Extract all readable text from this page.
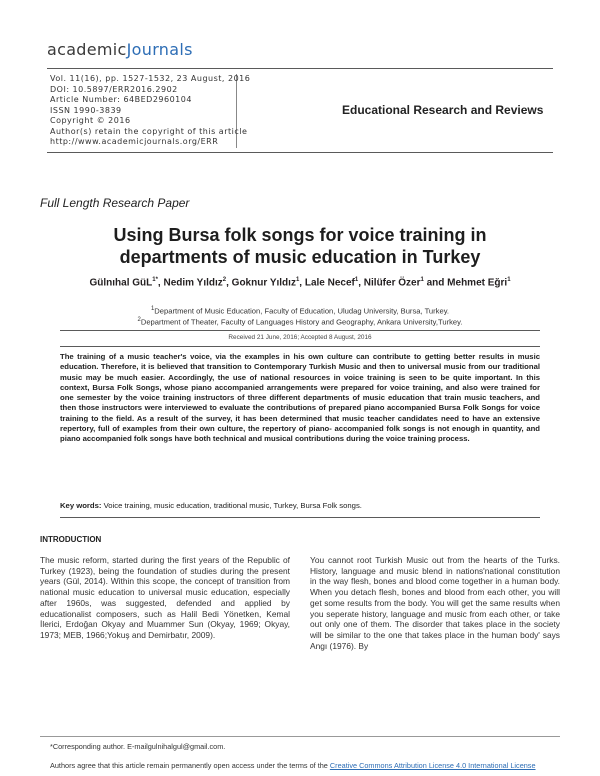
academicJournals
Vol. 11(16), pp. 1527-1532, 23 August, 2016
DOI: 10.5897/ERR2016.2902
Article Number: 64BED2960104
ISSN 1990-3839
Copyright © 2016
Author(s) retain the copyright of this article
http://www.academicjournals.org/ERR
Educational Research and Reviews
Full Length Research Paper
Using Bursa folk songs for voice training in
departments of music education in Turkey
Gülnıhal GüL$^{1*}$, Nedim Yıldız$^2$, Goknur Yıldız$^1$, Lale Necef$^1$, Nilüfer Özer$^1$ and Mehmet Eğri$^1$
$^1$Department of Music Education, Faculty of Education, Uludag University, Bursa, Turkey.
$^2$Department of Theater, Faculty of Languages History and Geography, Ankara University,Turkey.
Received 21 June, 2016; Accepted 8 August, 2016
The training of a music teacher's voice, via the examples in his own culture can contribute to getting better results in music education. Therefore, it is believed that transition to Contemporary Turkish Music and then to universal music from our traditional music may be much easier. Accordingly, the use of national resources in voice training is seen to be quite important. In this context, Bursa Folk Songs, whose piano accompanied arrangements were prepared for voice training, and also were trained for one semester by the voice training instructors of three different departments of music education that train music teachers, and then those instructors were interviewed to evaluate the contributions of prepared piano accompanied Bursa Folk Songs for voice training to the field. As a result of the survey, it has been determined that music teacher candidates need to have an extensive repertory, full of examples from their own culture, the repertory of piano- accompanied folk songs is not enough in quantity, and piano accompanied folk songs have both technical and musical contributions during the voice training process.
Key words: Voice training, music education, traditional music, Turkey, Bursa Folk songs.
INTRODUCTION
The music reform, started during the first years of the Republic of Turkey (1923), being the foundation of studies during the present years (Gül, 2014). Within this scope, the concept of transition from national music education to universal music education, especially after 1960s, was suggested, defended and applied by educationalist composers, such as Halil Bedi Yönetken, Kemal İlerici, Erdoğan Okyay and Muammer Sun (Okyay, 1969; Okyay, 1973; MEB, 1966;Yokuş and Demirbatır, 2009).
You cannot root Turkish Music out from the hearts of the Turks. History, language and music blend in nations'national constitution in the way flesh, bones and blood come together in a human body. When you detach flesh, bones and blood from each other, you will get some results from the body. You will get the same results when you seperate history, language and music from each other, or take out only one of them. The disorder that takes place in the society will be similar to the one that takes place in the human body' says Angı (1976). By
*Corresponding author. E-mailgulnihalgul@gmail.com.
Authors agree that this article remain permanently open access under the terms of the Creative Commons Attribution License 4.0 International License
